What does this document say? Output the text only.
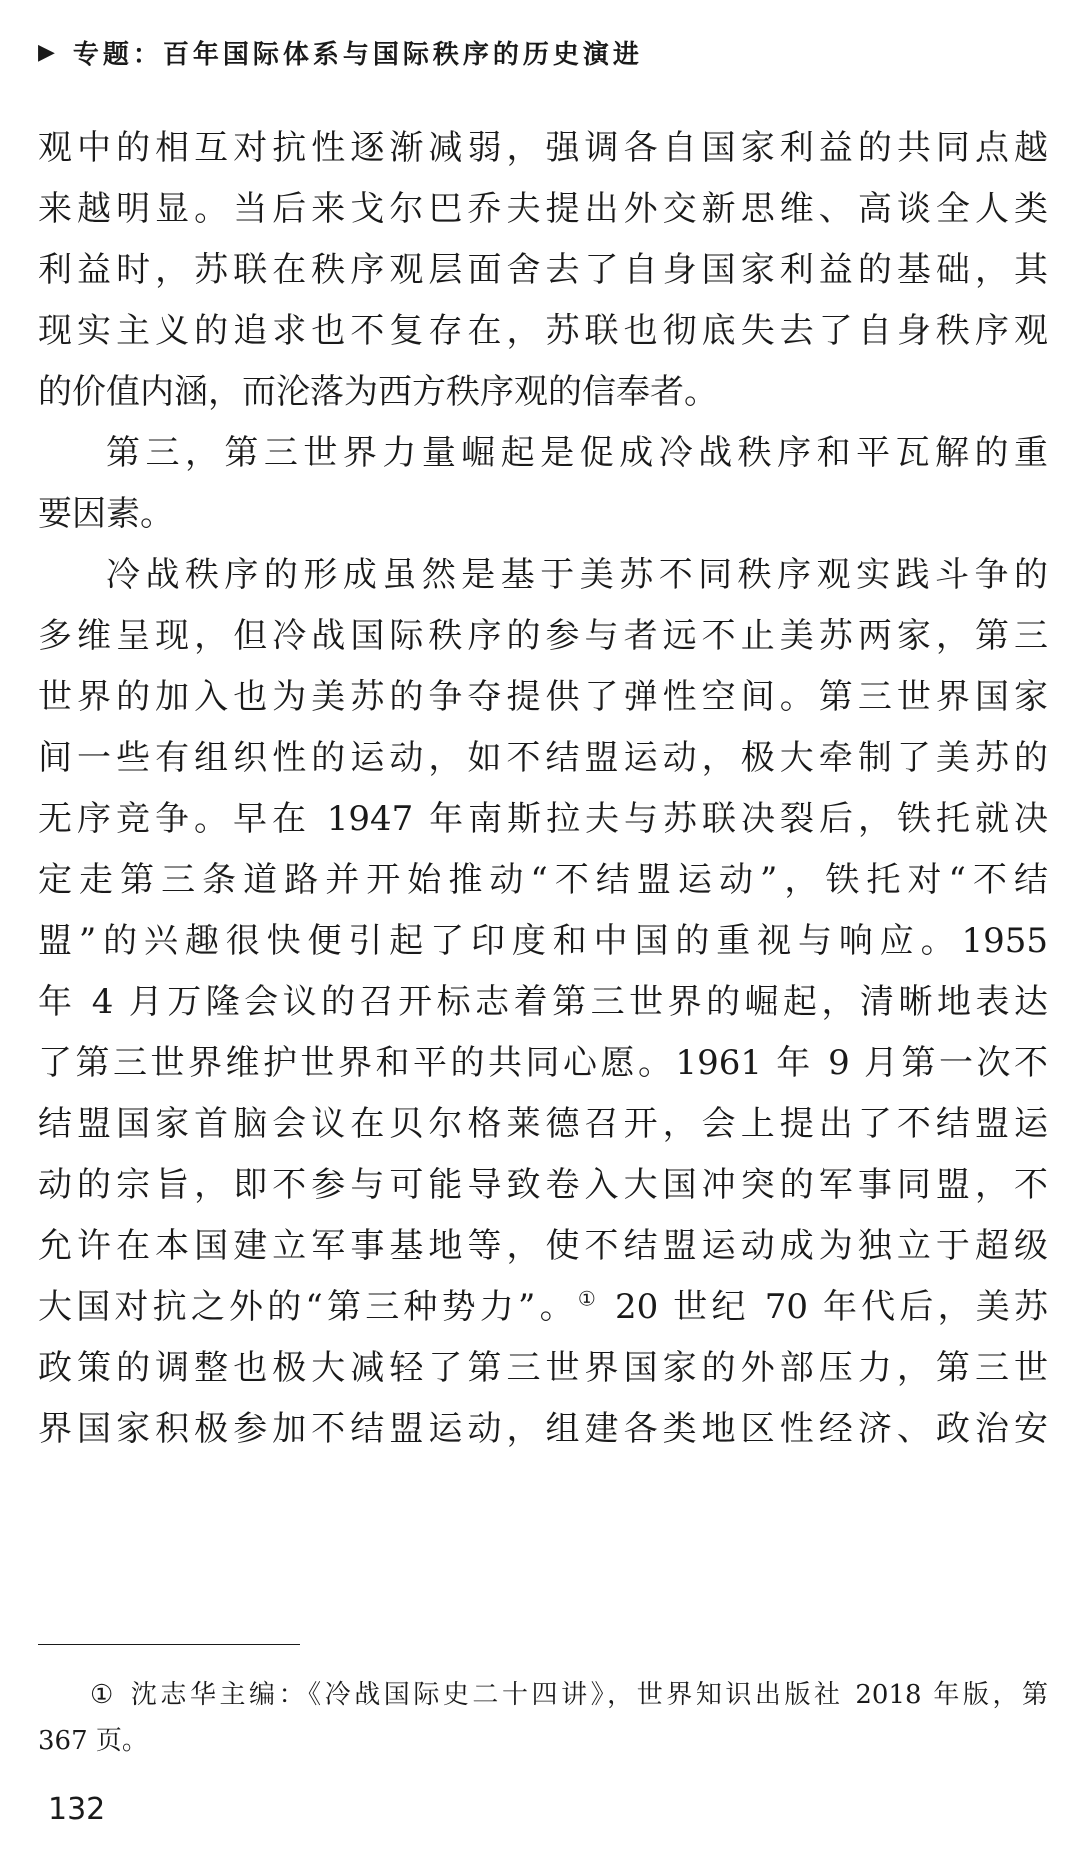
▶ 专题：百年国际体系与国际秩序的历史演进
观中的相互对抗性逐渐减弱，强调各自国家利益的共同点越
来越明显。当后来戈尔巴乔夫提出外交新思维、高谈全人类
利益时，苏联在秩序观层面舍去了自身国家利益的基础，其
现实主义的追求也不复存在，苏联也彻底失去了自身秩序观
的价值内涵，而沦落为西方秩序观的信奉者。
第三，第三世界力量崛起是促成冷战秩序和平瓦解的重
要因素。
冷战秩序的形成虽然是基于美苏不同秩序观实践斗争的
多维呈现，但冷战国际秩序的参与者远不止美苏两家，第三
世界的加入也为美苏的争夺提供了弹性空间。第三世界国家
间一些有组织性的运动，如不结盟运动，极大牵制了美苏的
无序竞争。早在 1947 年南斯拉夫与苏联决裂后，铁托就决
定走第三条道路并开始推动“不结盟运动”，铁托对“不结
盟”的兴趣很快便引起了印度和中国的重视与响应。1955
年 4 月万隆会议的召开标志着第三世界的崛起，清晰地表达
了第三世界维护世界和平的共同心愿。1961 年 9 月第一次不
结盟国家首脑会议在贝尔格莱德召开，会上提出了不结盟运
动的宗旨，即不参与可能导致卷入大国冲突的军事同盟，不
允许在本国建立军事基地等，使不结盟运动成为独立于超级
大国对抗之外的“第三种势力”。① 20 世纪 70 年代后，美苏
政策的调整也极大减轻了第三世界国家的外部压力，第三世
界国家积极参加不结盟运动，组建各类地区性经济、政治安
① 沈志华主编：《冷战国际史二十四讲》，世界知识出版社 2018 年版，第
367 页。
132
